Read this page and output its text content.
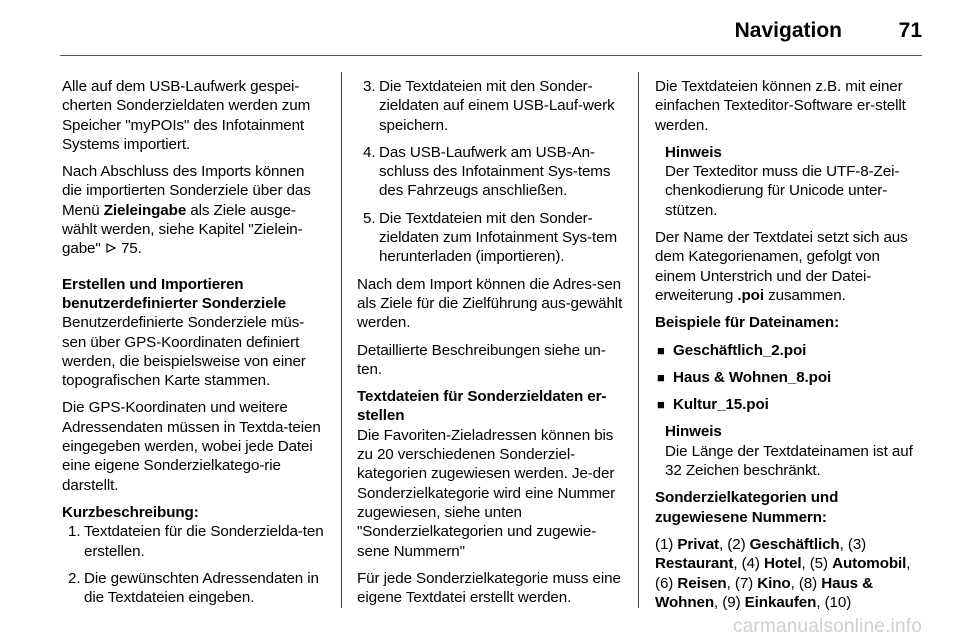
Navigation	71

Alle auf dem USB-Laufwerk gespei-cherten Sonderzieldaten werden zum Speicher "myPOIs" des Infotainment Systems importiert.

Nach Abschluss des Imports können die importierten Sonderziele über das Menü Zieleingabe als Ziele ausge-wählt werden, siehe Kapitel "Zielein-gabe"  75.

Erstellen und Importieren benutzerdefinierter Sonderziele

Benutzerdefinierte Sonderziele müs-sen über GPS-Koordinaten definiert werden, die beispielsweise von einer topografischen Karte stammen.

Die GPS-Koordinaten und weitere Adressendaten müssen in Textda-teien eingegeben werden, wobei jede Datei eine eigene Sonderzielkatego-rie darstellt.

Kurzbeschreibung:

1. Textdateien für die Sonderzielda-ten erstellen.
2. Die gewünschten Adressendaten in die Textdateien eingeben.
3. Die Textdateien mit den Sonder-zieldaten auf einem USB-Lauf-werk speichern.
4. Das USB-Laufwerk am USB-An-schluss des Infotainment Sys-tems des Fahrzeugs anschließen.
5. Die Textdateien mit den Sonder-zieldaten zum Infotainment Sys-tem herunterladen (importieren).

Nach dem Import können die Adres-sen als Ziele für die Zielführung aus-gewählt werden.

Detaillierte Beschreibungen siehe un-ten.

Textdateien für Sonderzieldaten er-stellen

Die Favoriten-Zieladressen können bis zu 20 verschiedenen Sonderziel-kategorien zugewiesen werden. Je-der Sonderzielkategorie wird eine Nummer zugewiesen, siehe unten "Sonderzielkategorien und zugewie-sene Nummern"

Für jede Sonderzielkategorie muss eine eigene Textdatei erstellt werden.

Die Textdateien können z.B. mit einer einfachen Texteditor-Software er-stellt werden.

Hinweis
Der Texteditor muss die UTF-8-Zei-chenkodierung für Unicode unter-stützen.

Der Name der Textdatei setzt sich aus dem Kategorienamen, gefolgt von einem Unterstrich und der Datei-erweiterung .poi zusammen.

Beispiele für Dateinamen:

■ Geschäftlich_2.poi
■ Haus & Wohnen_8.poi
■ Kultur_15.poi
Hinweis
Die Länge der Textdateinamen ist auf 32 Zeichen beschränkt.

Sonderzielkategorien und zugewiesene Nummern:

(1) Privat, (2) Geschäftlich, (3) Restaurant, (4) Hotel, (5) Automobil, (6) Reisen, (7) Kino, (8) Haus & Wohnen, (9) Einkaufen, (10)

carmanualsonline.info
